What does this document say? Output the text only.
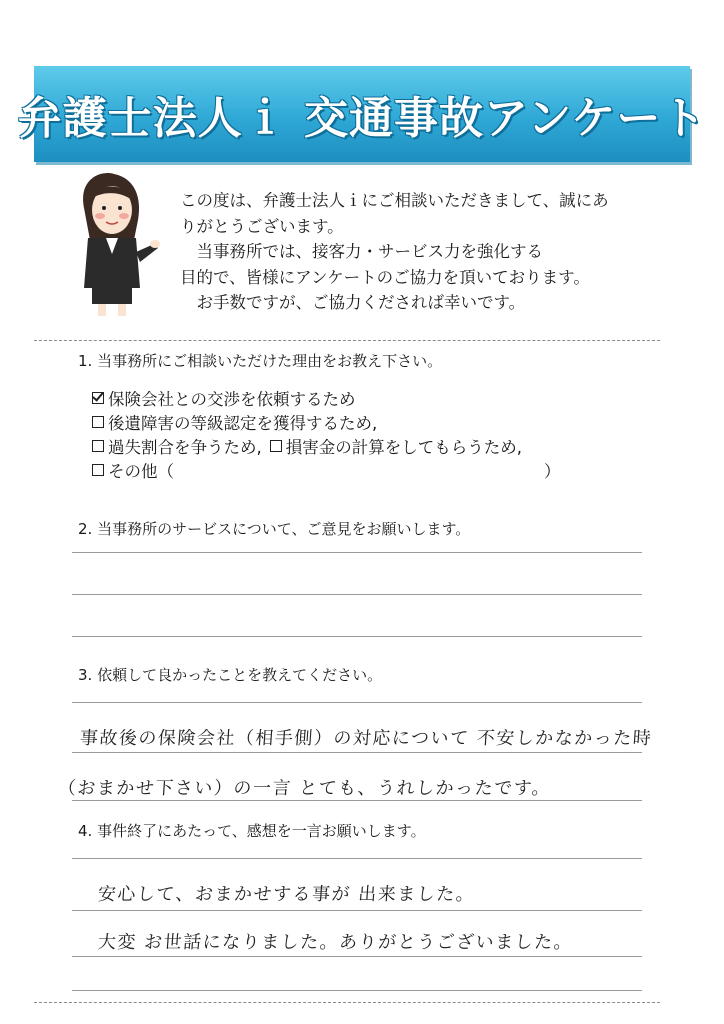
弁護士法人ｉ 交通事故アンケート
この度は、弁護士法人ｉにご相談いただきまして、誠にあ
りがとうございます。
　当事務所では、接客力・サービス力を強化する
目的で、皆様にアンケートのご協力を頂いております。
　お手数ですが、ご協力くだされば幸いです。
1. 当事務所にご相談いただけた理由をお教え下さい。
保険会社との交渉を依頼するため
後遺障害の等級認定を獲得するため,
過失割合を争うため, 損害金の計算をしてもらうため,
その他（	）
2. 当事務所のサービスについて、ご意見をお願いします。
3. 依頼して良かったことを教えてください。
事故後の保険会社（相手側）の対応について 不安しかなかった時
（おまかせ下さい）の一言 とても、うれしかったです。
4. 事件終了にあたって、感想を一言お願いします。
安心して、おまかせする事が 出来ました。
大変 お世話になりました。ありがとうございました。
